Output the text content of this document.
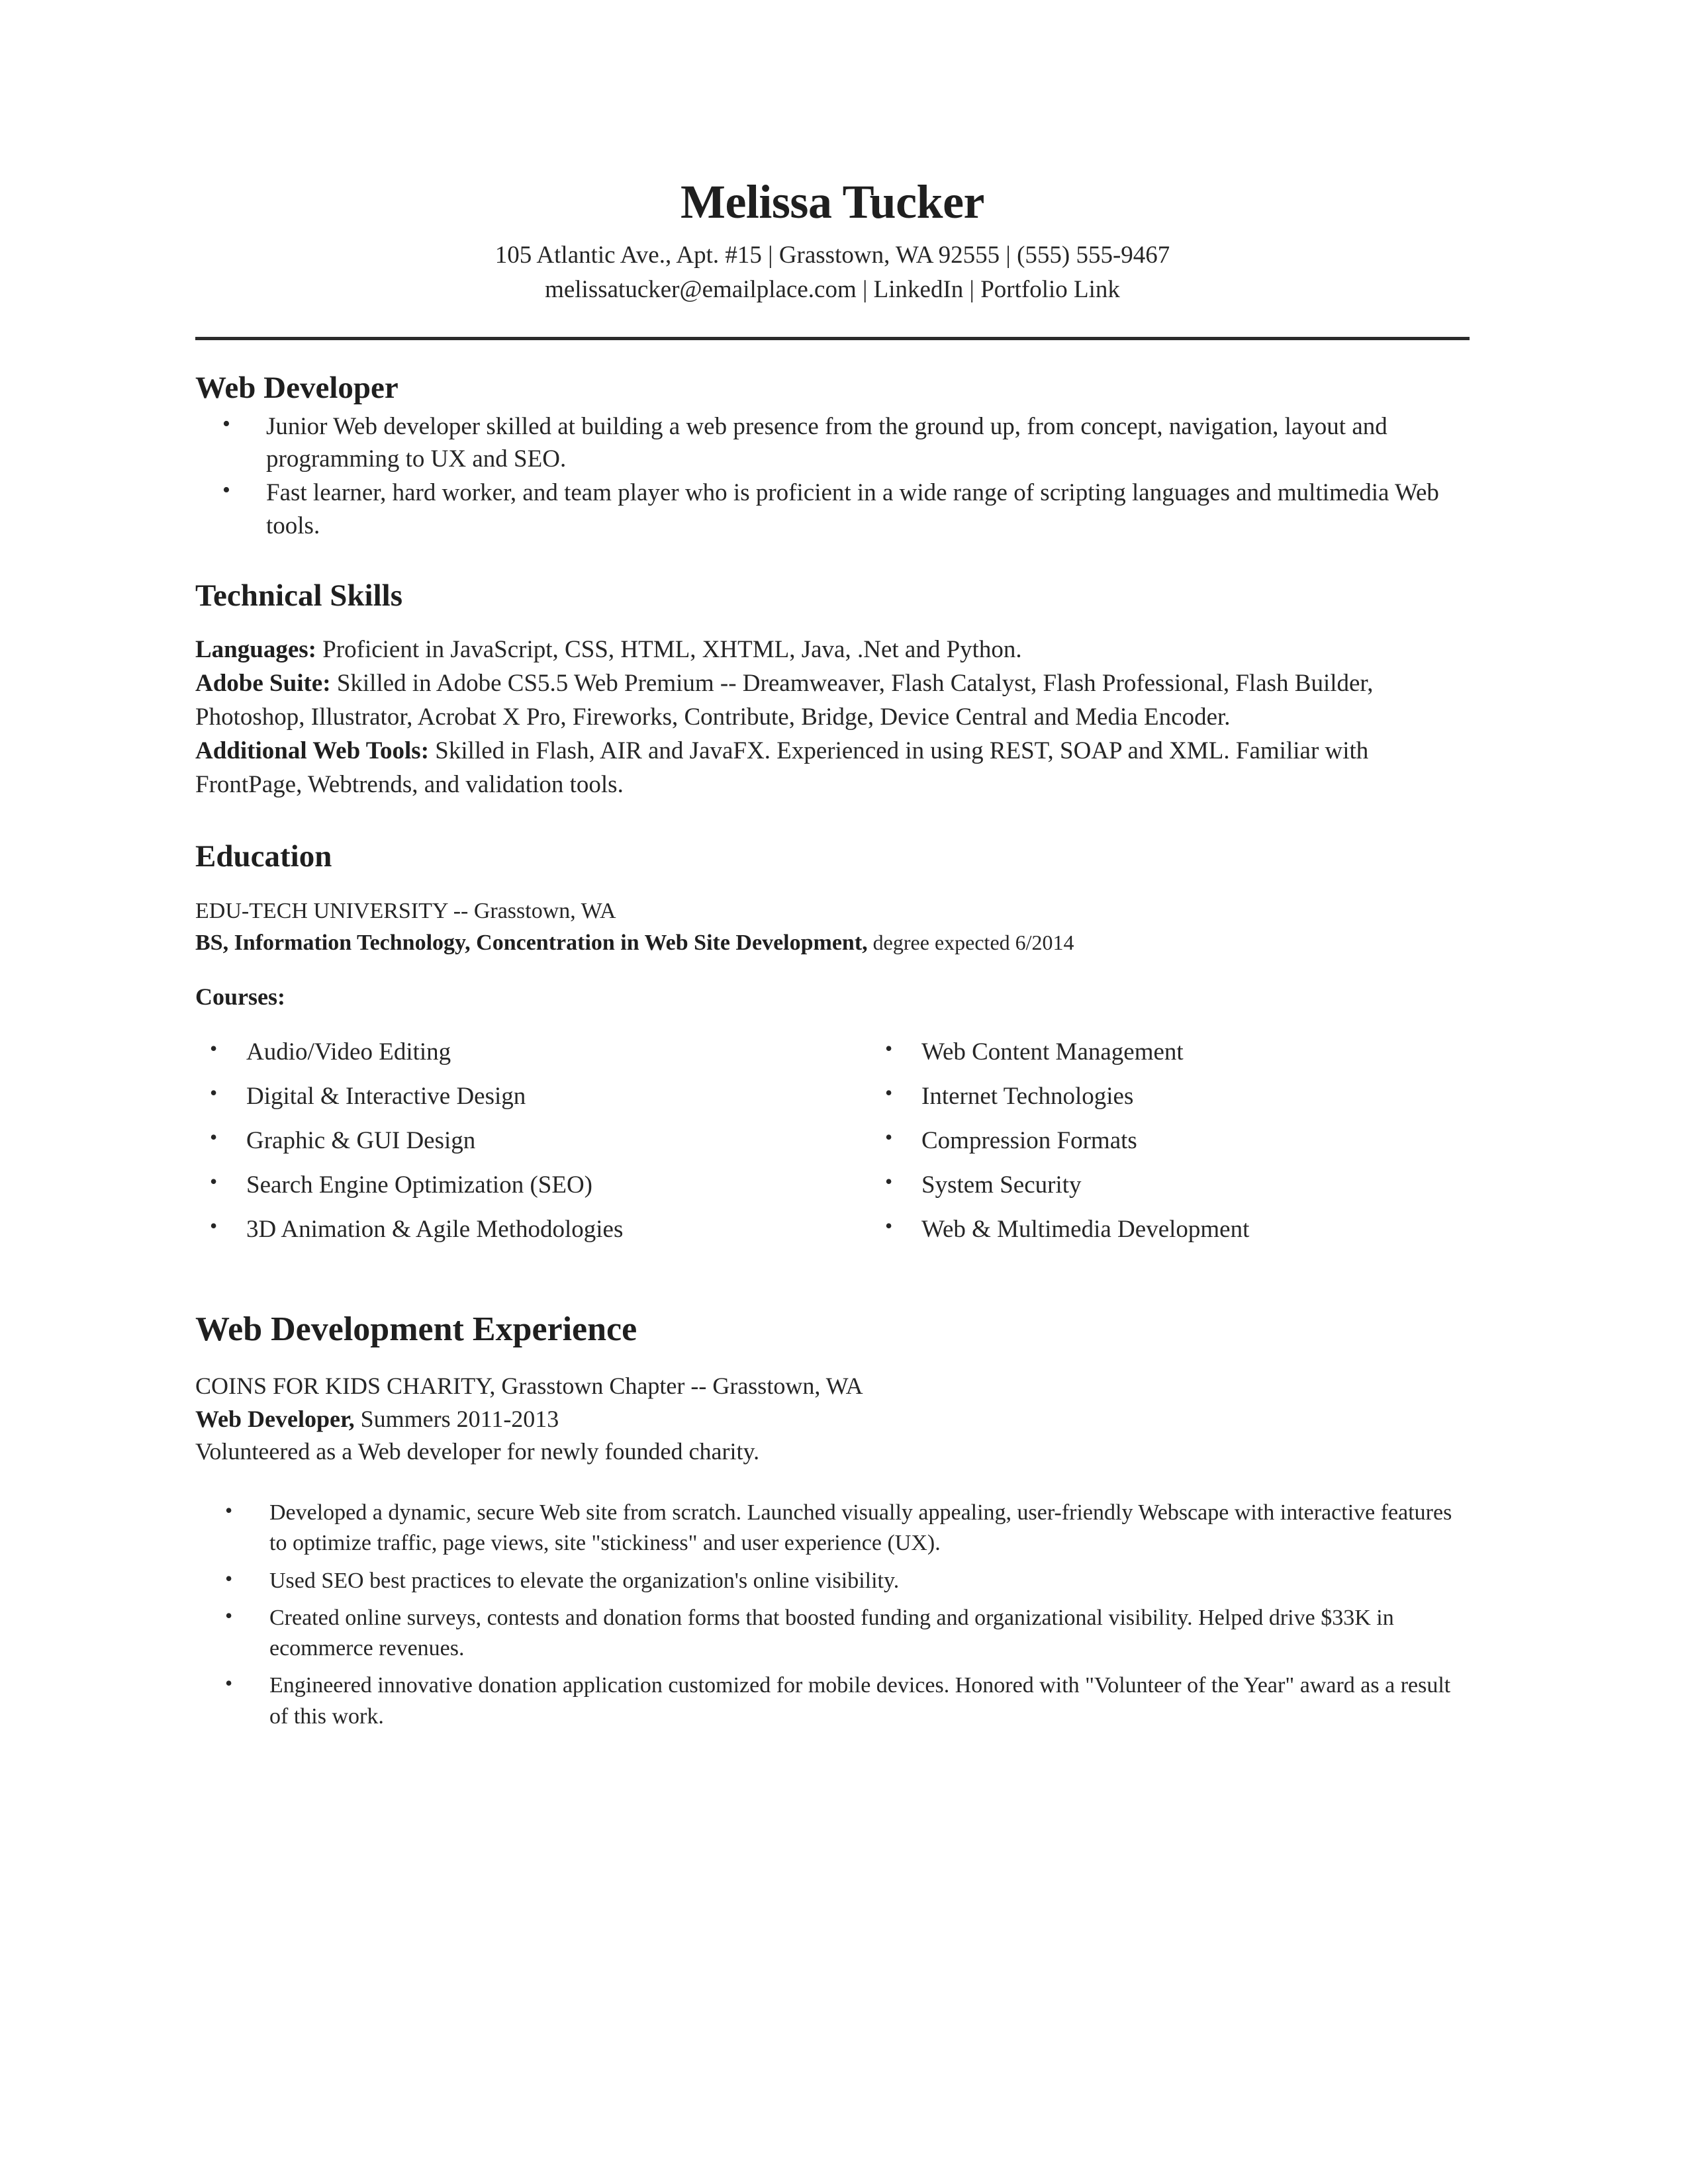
Melissa Tucker

105 Atlantic Ave., Apt. #15 | Grasstown, WA 92555 | (555) 555-9467

melissatucker@emailplace.com | LinkedIn | Portfolio Link

Web Developer
• Junior Web developer skilled at building a web presence from the ground up, from concept, navigation, layout and programming to UX and SEO.
• Fast learner, hard worker, and team player who is proficient in a wide range of scripting languages and multimedia Web tools.
Technical Skills

Languages: Proficient in JavaScript, CSS, HTML, XHTML, Java, .Net and Python.

Adobe Suite: Skilled in Adobe CS5.5 Web Premium -- Dreamweaver, Flash Catalyst, Flash Professional, Flash Builder, Photoshop, Illustrator, Acrobat X Pro, Fireworks, Contribute, Bridge, Device Central and Media Encoder.

Additional Web Tools: Skilled in Flash, AIR and JavaFX. Experienced in using REST, SOAP and XML. Familiar with FrontPage, Webtrends, and validation tools.

Education

EDU-TECH UNIVERSITY -- Grasstown, WA

BS, Information Technology, Concentration in Web Site Development, degree expected 6/2014

Courses:
• Audio/Video Editing
• Digital & Interactive Design
• Graphic & GUI Design
• Search Engine Optimization (SEO)
• 3D Animation & Agile Methodologies
• Web Content Management
• Internet Technologies
• Compression Formats
• System Security
• Web & Multimedia Development
Web Development Experience

COINS FOR KIDS CHARITY, Grasstown Chapter -- Grasstown, WA

Web Developer, Summers 2011-2013

Volunteered as a Web developer for newly founded charity.

• Developed a dynamic, secure Web site from scratch. Launched visually appealing, user-friendly Webscape with interactive features to optimize traffic, page views, site "stickiness" and user experience (UX).
• Used SEO best practices to elevate the organization's online visibility.
• Created online surveys, contests and donation forms that boosted funding and organizational visibility. Helped drive $33K in ecommerce revenues.
• Engineered innovative donation application customized for mobile devices. Honored with "Volunteer of the Year" award as a result of this work.
